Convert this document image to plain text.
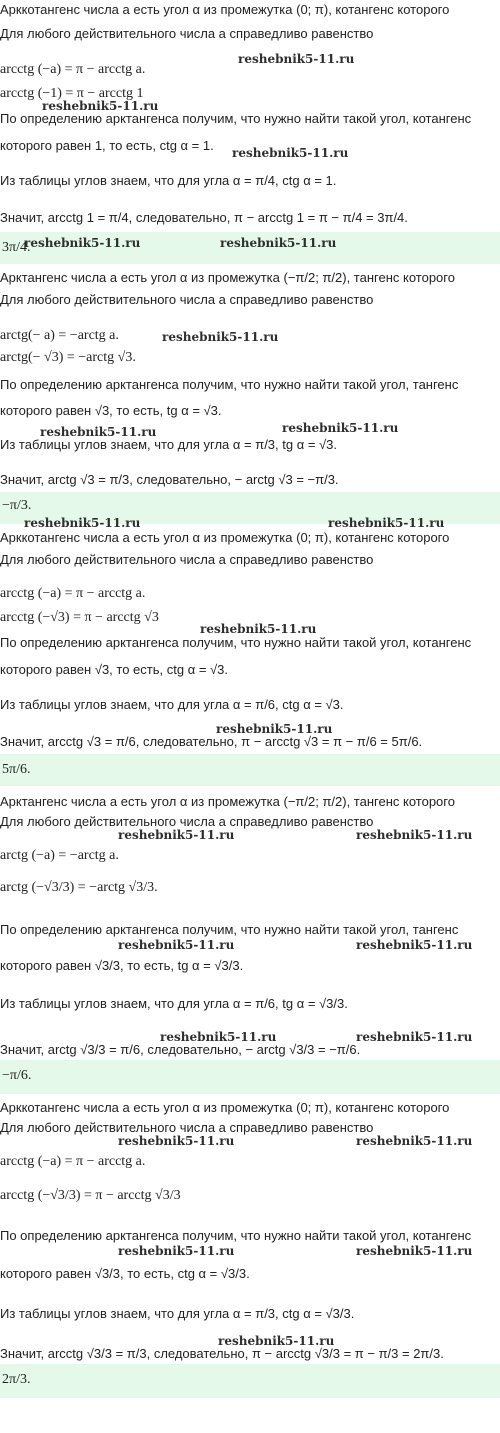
Арккотангенс числа a есть угол α из промежутка (0; π), котангенс которого
Для любого действительного числа a справедливо равенство
arcctg (−a) = π − arcctg a.
arcctg (−1) = π − arcctg 1
По определению арктангенса получим, что нужно найти такой угол, котангенс
которого равен 1, то есть, ctg α = 1.
Из таблицы углов знаем, что для угла α = π/4, ctg α = 1.
Значит, arcctg 1 = π/4, следовательно, π − arcctg 1 = π − π/4 = 3π/4.
3π/4.
Арктангенс числа a есть угол α из промежутка (−π/2; π/2), тангенс которого
Для любого действительного числа a справедливо равенство
arctg(− a) = −arctg a.
arctg(− √3) = −arctg √3.
По определению арктангенса получим, что нужно найти такой угол, тангенс
которого равен √3, то есть, tg α = √3.
Из таблицы углов знаем, что для угла α = π/3, tg α = √3.
Значит, arctg √3 = π/3, следовательно, − arctg √3 = −π/3.
−π/3.
Арккотангенс числа a есть угол α из промежутка (0; π), котангенс которого
Для любого действительного числа a справедливо равенство
arcctg (−a) = π − arcctg a.
arcctg (−√3) = π − arcctg √3
По определению арктангенса получим, что нужно найти такой угол, котангенс
которого равен √3, то есть, ctg α = √3.
Из таблицы углов знаем, что для угла α = π/6, ctg α = √3.
Значит, arcctg √3 = π/6, следовательно, π − arcctg √3 = π − π/6 = 5π/6.
5π/6.
Арктангенс числа a есть угол α из промежутка (−π/2; π/2), тангенс которого
Для любого действительного числа a справедливо равенство
arctg (−a) = −arctg a.
arctg (−√3/3) = −arctg √3/3.
По определению арктангенса получим, что нужно найти такой угол, тангенс
которого равен √3/3, то есть, tg α = √3/3.
Из таблицы углов знаем, что для угла α = π/6, tg α = √3/3.
Значит, arctg √3/3 = π/6, следовательно, − arctg √3/3 = −π/6.
−π/6.
Арккотангенс числа a есть угол α из промежутка (0; π), котангенс которого
Для любого действительного числа a справедливо равенство
arcctg (−a) = π − arcctg a.
arcctg (−√3/3) = π − arcctg √3/3
По определению арктангенса получим, что нужно найти такой угол, котангенс
которого равен √3/3, то есть, ctg α = √3/3.
Из таблицы углов знаем, что для угла α = π/3, ctg α = √3/3.
Значит, arcctg √3/3 = π/3, следовательно, π − arcctg √3/3 = π − π/3 = 2π/3.
2π/3.
reshebnik5-11.ru
reshebnik5-11.ru
reshebnik5-11.ru
reshebnik5-11.ru	reshebnik5-11.ru
reshebnik5-11.ru
reshebnik5-11.ru
reshebnik5-11.ru
reshebnik5-11.ru	reshebnik5-11.ru
reshebnik5-11.ru
reshebnik5-11.ru
reshebnik5-11.ru	reshebnik5-11.ru
reshebnik5-11.ru	reshebnik5-11.ru
reshebnik5-11.ru	reshebnik5-11.ru
reshebnik5-11.ru	reshebnik5-11.ru
reshebnik5-11.ru	reshebnik5-11.ru
reshebnik5-11.ru
